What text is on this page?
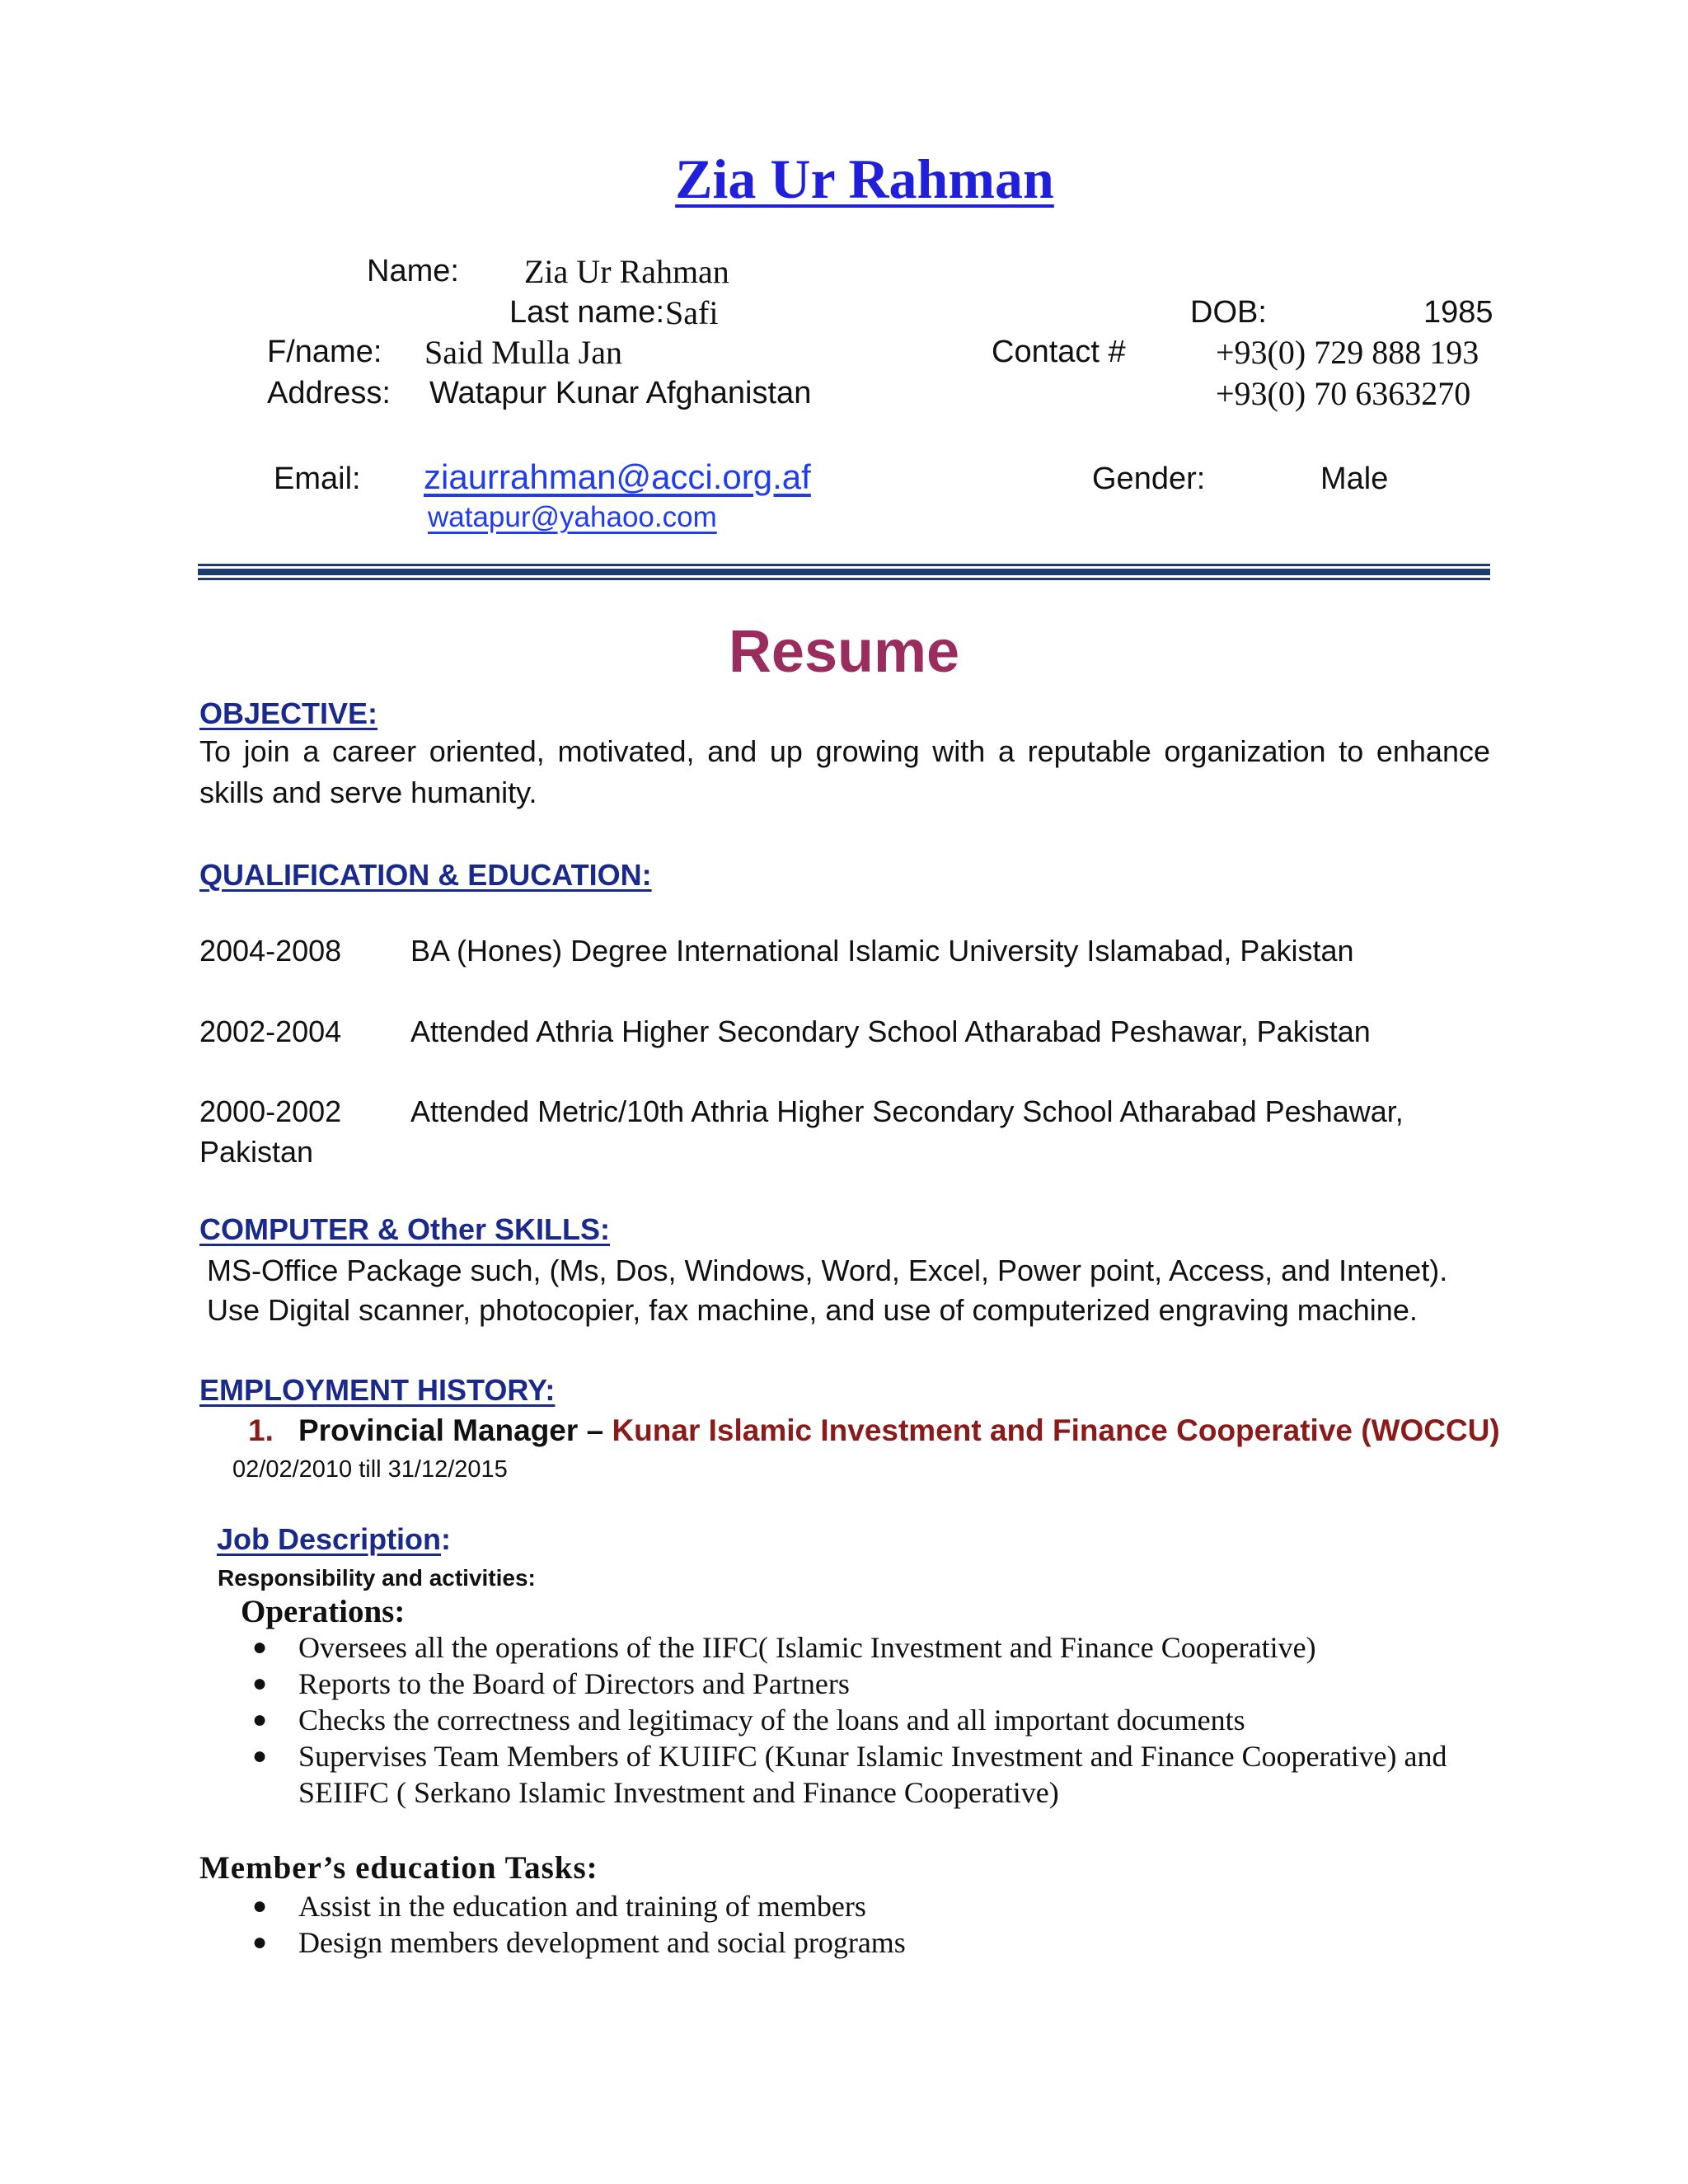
Zia Ur Rahman
Name: Zia Ur Rahman
Last name: Safi	DOB:	1985
F/name: Said Mulla Jan	Contact #	+93(0) 729 888 193
Address: Watapur Kunar Afghanistan	+93(0) 70 6363270
Email: ziaurrahman@acci.org.af
watapur@yahaoo.com
Gender:	Male
Resume
OBJECTIVE:
To join a career oriented, motivated, and up growing with a reputable organization to enhance
skills and serve humanity.
QUALIFICATION & EDUCATION:
2004-2008 BA (Hones) Degree International Islamic University Islamabad, Pakistan
2002-2004 Attended Athria Higher Secondary School Atharabad Peshawar, Pakistan
2000-2002 Attended Metric/10th Athria Higher Secondary School Atharabad Peshawar,
Pakistan
COMPUTER & Other SKILLS:
MS-Office Package such, (Ms, Dos, Windows, Word, Excel, Power point, Access, and Intenet).
Use Digital scanner, photocopier, fax machine, and use of computerized engraving machine.
EMPLOYMENT HISTORY:
1. Provincial Manager – Kunar Islamic Investment and Finance Cooperative (WOCCU)
02/02/2010 till 31/12/2015
Job Description:
Responsibility and activities:
Operations:
● Oversees all the operations of the IIFC( Islamic Investment and Finance Cooperative)
● Reports to the Board of Directors and Partners
● Checks the correctness and legitimacy of the loans and all important documents
● Supervises Team Members of KUIIFC (Kunar Islamic Investment and Finance Cooperative) and SEIIFC ( Serkano Islamic Investment and Finance Cooperative)
Member’s education Tasks:
● Assist in the education and training of members
● Design members development and social programs
